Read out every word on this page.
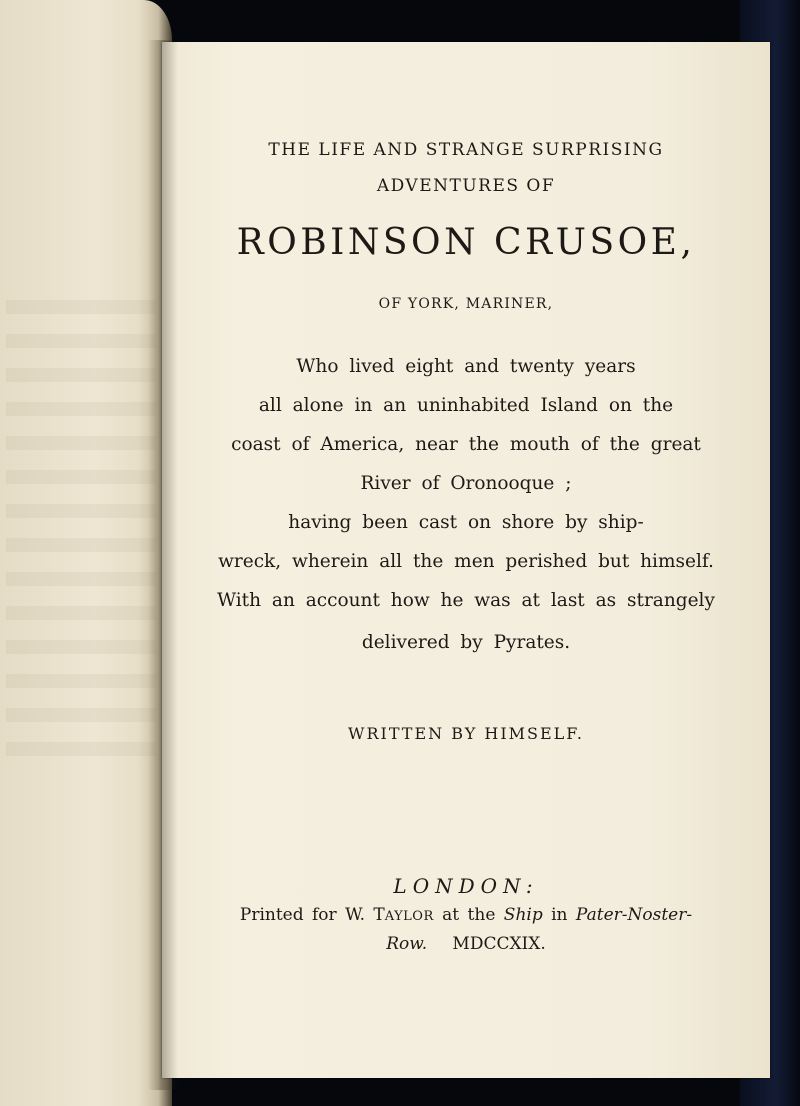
THE LIFE AND STRANGE SURPRISING
ADVENTURES OF
ROBINSON CRUSOE,
OF YORK, MARINER,
Who lived eight and twenty years
all alone in an uninhabited Island on the
coast of America, near the mouth of the great
River of Oronooque ;
having been cast on shore by ship-
wreck, wherein all the men perished but himself.
With an account how he was at last as strangely
delivered by Pyrates.
WRITTEN BY HIMSELF.
LONDON:
Printed for W. TAYLOR at the Ship in Pater-Noster-
Row. MDCCXIX.
